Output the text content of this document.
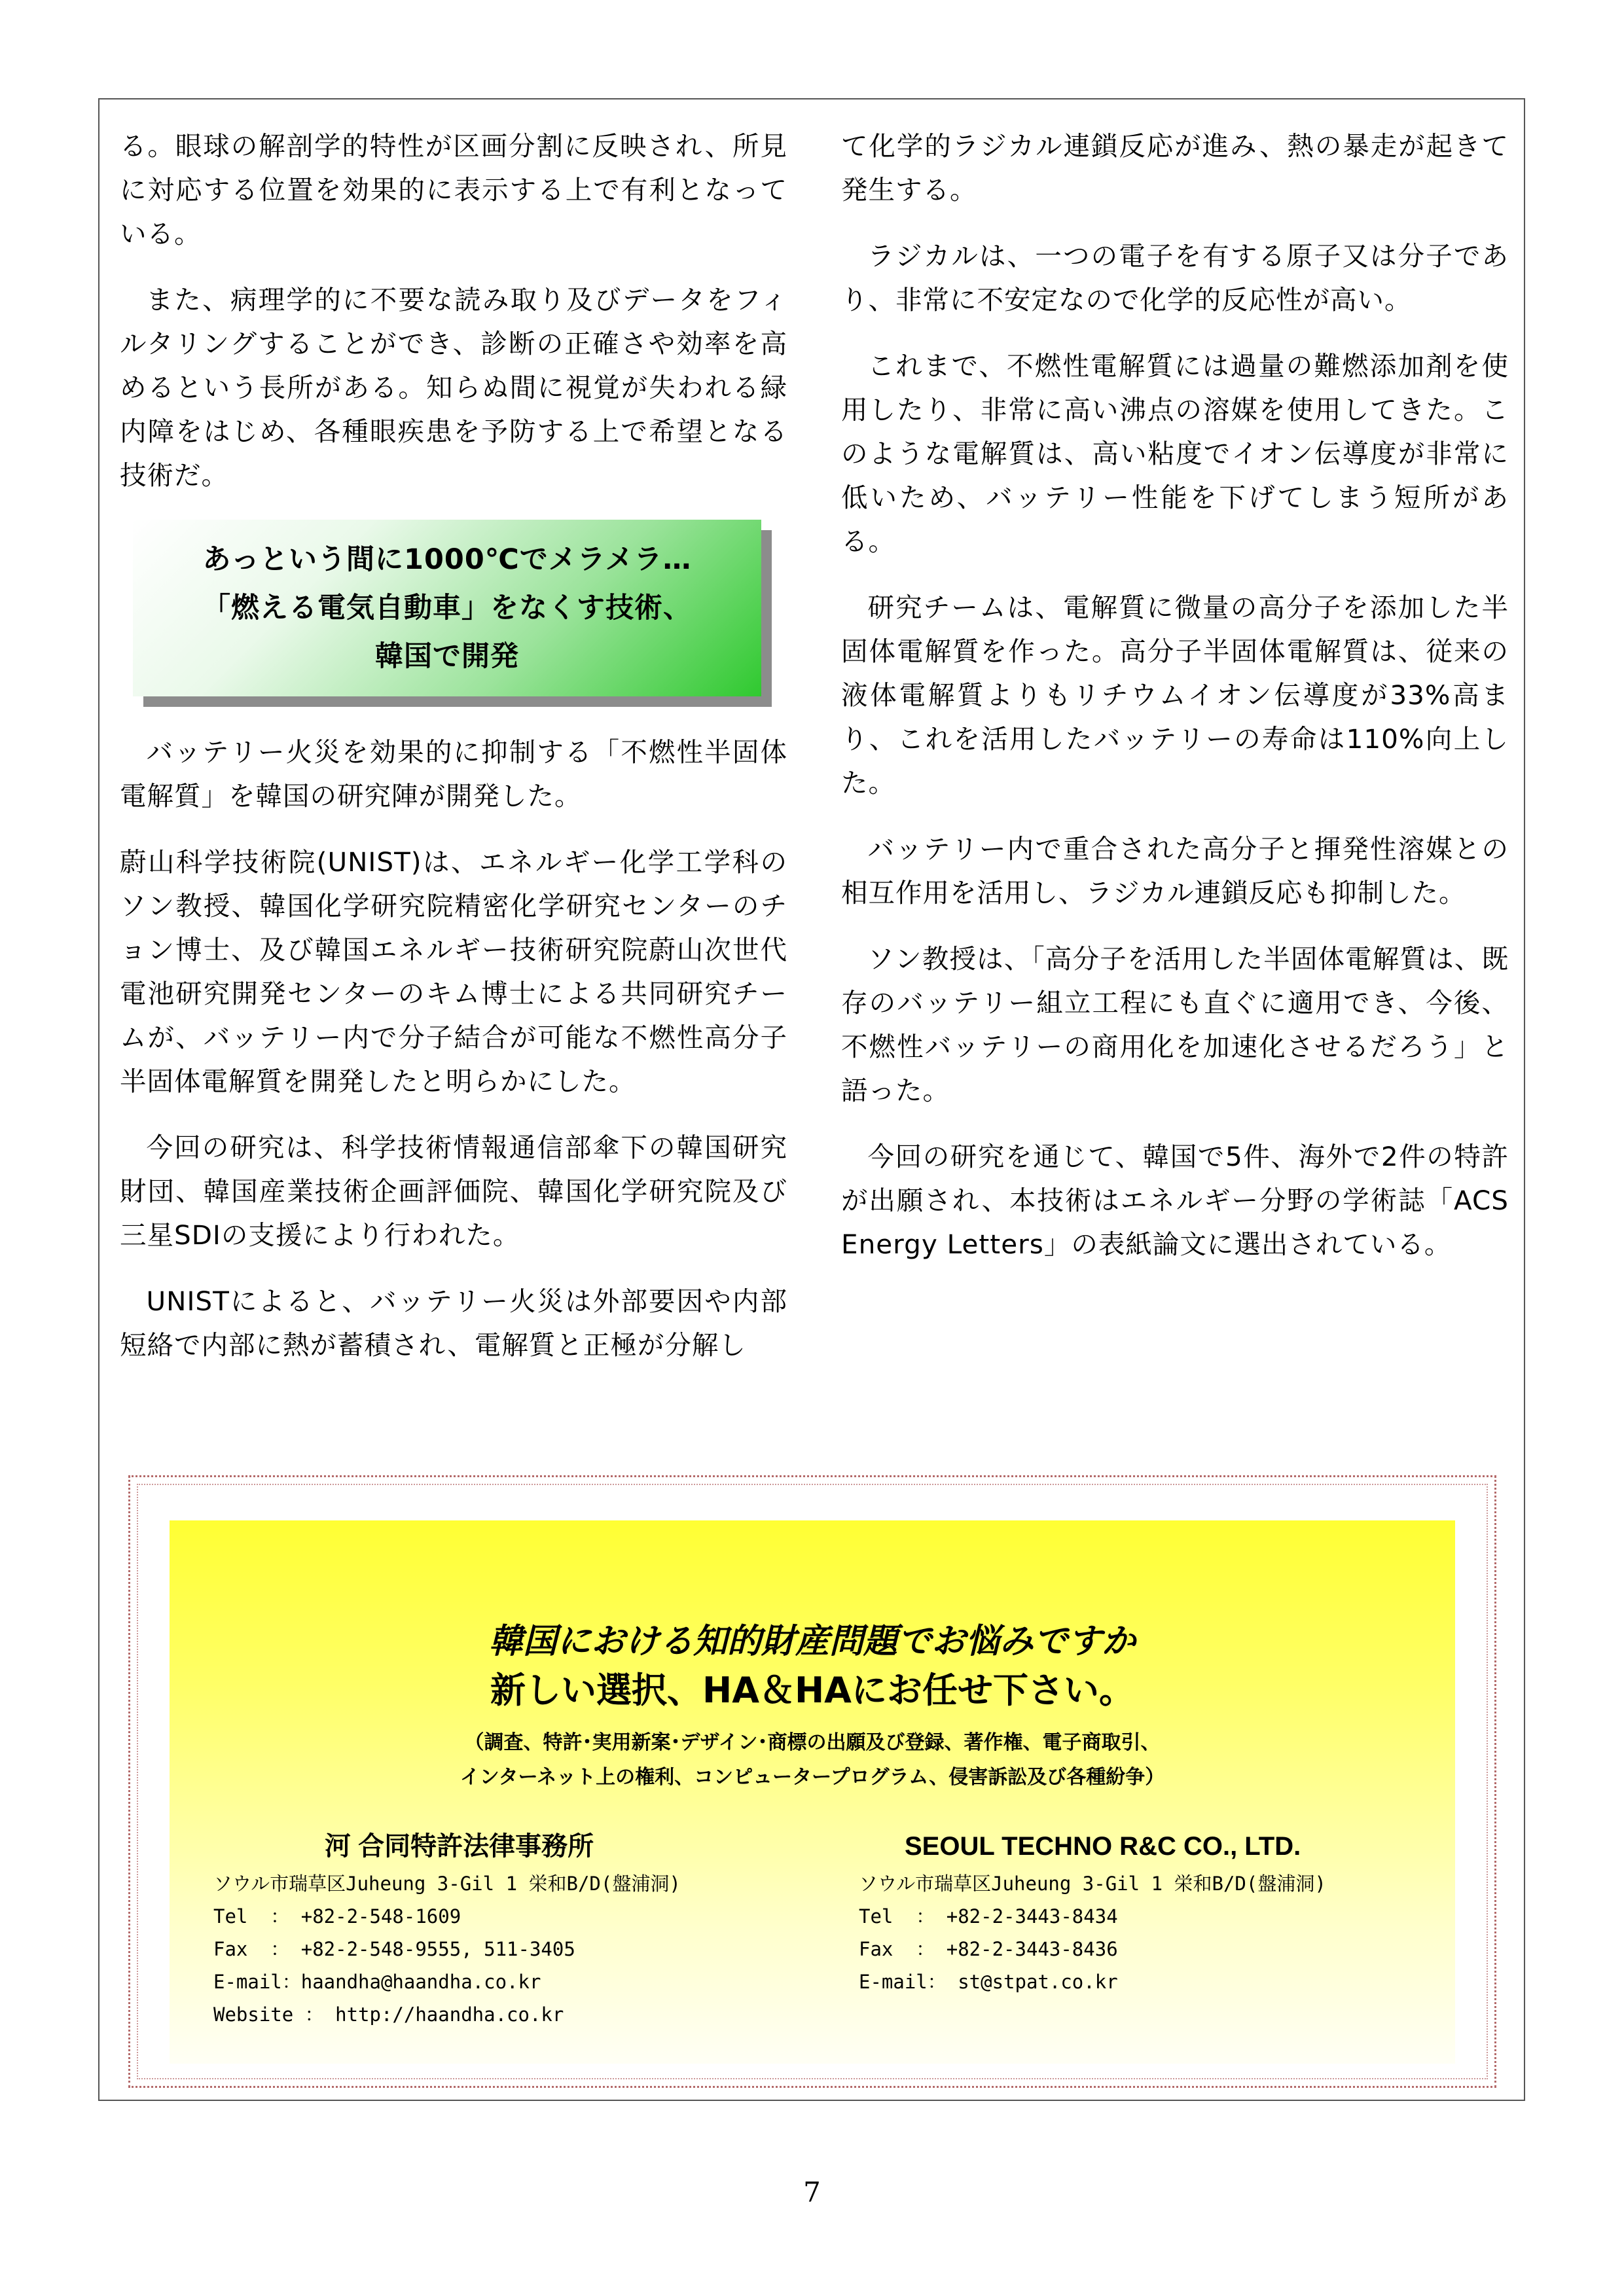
る。眼球の解剖学的特性が区画分割に反映され、所見に対応する位置を効果的に表示する上で有利となっている。

また、病理学的に不要な読み取り及びデータをフィルタリングすることができ、診断の正確さや効率を高めるという長所がある。知らぬ間に視覚が失われる緑内障をはじめ、各種眼疾患を予防する上で希望となる技術だ。

あっという間に1000℃でメラメラ…
「燃える電気自動車」をなくす技術、
韓国で開発

バッテリー火災を効果的に抑制する「不燃性半固体電解質」を韓国の研究陣が開発した。

蔚山科学技術院(UNIST)は、エネルギー化学工学科のソン教授、韓国化学研究院精密化学研究センターのチョン博士、及び韓国エネルギー技術研究院蔚山次世代電池研究開発センターのキム博士による共同研究チームが、バッテリー内で分子結合が可能な不燃性高分子半固体電解質を開発したと明らかにした。

今回の研究は、科学技術情報通信部傘下の韓国研究財団、韓国産業技術企画評価院、韓国化学研究院及び三星SDIの支援により行われた。

UNISTによると、バッテリー火災は外部要因や内部短絡で内部に熱が蓄積され、電解質と正極が分解し

て化学的ラジカル連鎖反応が進み、熱の暴走が起きて発生する。

ラジカルは、一つの電子を有する原子又は分子であり、非常に不安定なので化学的反応性が高い。

これまで、不燃性電解質には過量の難燃添加剤を使用したり、非常に高い沸点の溶媒を使用してきた。このような電解質は、高い粘度でイオン伝導度が非常に低いため、バッテリー性能を下げてしまう短所がある。

研究チームは、電解質に微量の高分子を添加した半固体電解質を作った。高分子半固体電解質は、従来の液体電解質よりもリチウムイオン伝導度が33%高まり、これを活用したバッテリーの寿命は110%向上した。

バッテリー内で重合された高分子と揮発性溶媒との相互作用を活用し、ラジカル連鎖反応も抑制した。

ソン教授は、「高分子を活用した半固体電解質は、既存のバッテリー組立工程にも直ぐに適用でき、今後、不燃性バッテリーの商用化を加速化させるだろう」と語った。

今回の研究を通じて、韓国で5件、海外で2件の特許が出願され、本技術はエネルギー分野の学術誌「ACS Energy Letters」の表紙論文に選出されている。

韓国における知的財産問題でお悩みですか
新しい選択、HA＆HAにお任せ下さい。
（調査、特許･実用新案･デザイン･商標の出願及び登録、著作権、電子商取引、
インターネット上の権利、コンピュータープログラム、侵害訴訟及び各種紛争）
河 合同特許法律事務所
ソウル市瑞草区Juheung 3-Gil 1 栄和B/D(盤浦洞)
Tel  ： +82-2-548-1609
Fax  ： +82-2-548-9555, 511-3405
E-mail：haandha@haandha.co.kr
Website ： http://haandha.co.kr
SEOUL TECHNO R&C CO., LTD.
ソウル市瑞草区Juheung 3-Gil 1 栄和B/D(盤浦洞)
Tel  ： +82-2-3443-8434
Fax  ： +82-2-3443-8436
E-mail： st@stpat.co.kr
7
